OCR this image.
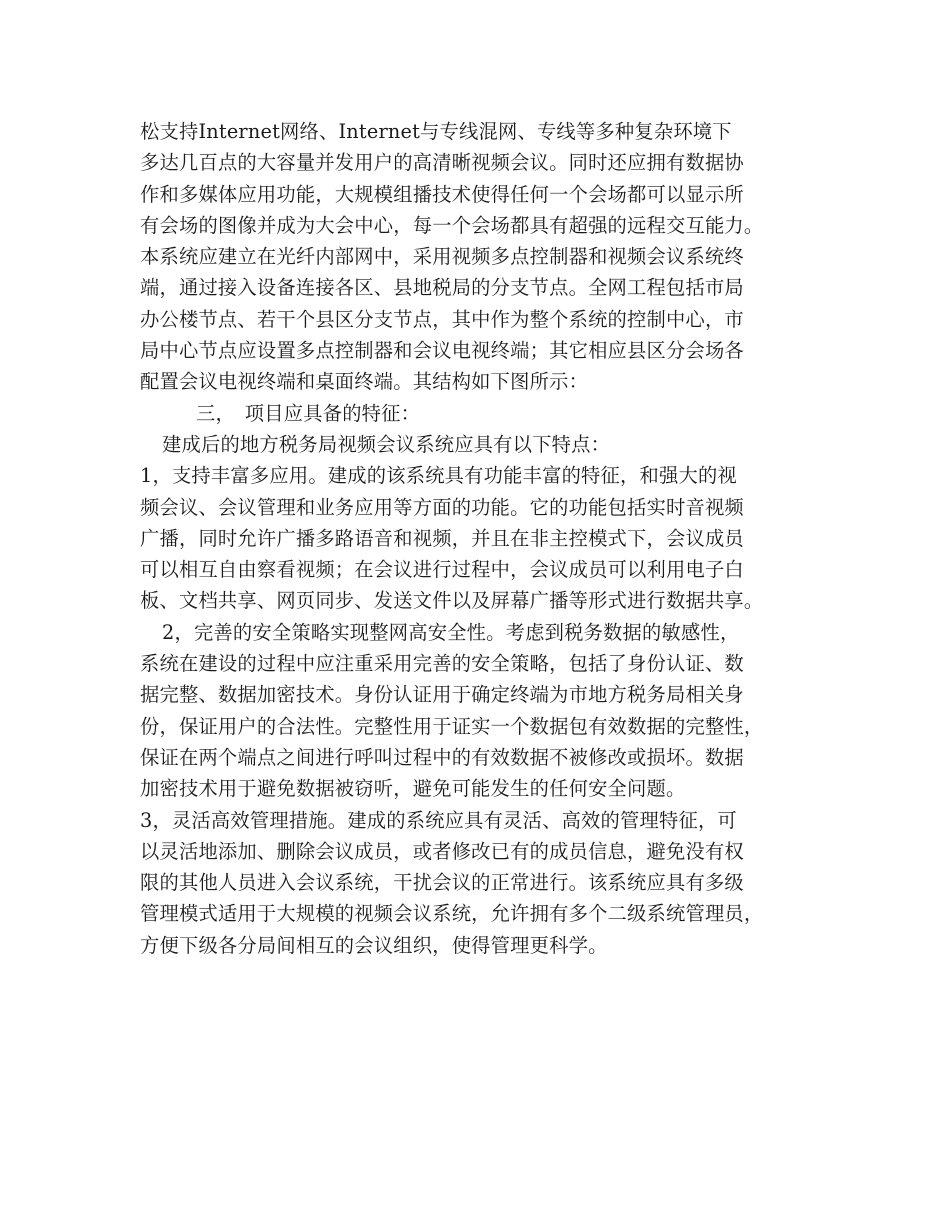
松支持Internet网络、Internet与专线混网、专线等多种复杂环境下
多达几百点的大容量并发用户的高清晰视频会议。同时还应拥有数据协
作和多媒体应用功能，大规模组播技术使得任何一个会场都可以显示所
有会场的图像并成为大会中心，每一个会场都具有超强的远程交互能力。
本系统应建立在光纤内部网中，采用视频多点控制器和视频会议系统终
端，通过接入设备连接各区、县地税局的分支节点。全网工程包括市局
办公楼节点、若干个县区分支节点，其中作为整个系统的控制中心，市
局中心节点应设置多点控制器和会议电视终端；其它相应县区分会场各
配置会议电视终端和桌面终端。其结构如下图所示：
三，　项目应具备的特征：
建成后的地方税务局视频会议系统应具有以下特点：
1，支持丰富多应用。建成的该系统具有功能丰富的特征，和强大的视
频会议、会议管理和业务应用等方面的功能。它的功能包括实时音视频
广播，同时允许广播多路语音和视频，并且在非主控模式下，会议成员
可以相互自由察看视频；在会议进行过程中，会议成员可以利用电子白
板、文档共享、网页同步、发送文件以及屏幕广播等形式进行数据共享。
2，完善的安全策略实现整网高安全性。考虑到税务数据的敏感性，
系统在建设的过程中应注重采用完善的安全策略，包括了身份认证、数
据完整、数据加密技术。身份认证用于确定终端为市地方税务局相关身
份，保证用户的合法性。完整性用于证实一个数据包有效数据的完整性，
保证在两个端点之间进行呼叫过程中的有效数据不被修改或损坏。数据
加密技术用于避免数据被窃听，避免可能发生的任何安全问题。
3，灵活高效管理措施。建成的系统应具有灵活、高效的管理特征，可
以灵活地添加、删除会议成员，或者修改已有的成员信息，避免没有权
限的其他人员进入会议系统，干扰会议的正常进行。该系统应具有多级
管理模式适用于大规模的视频会议系统，允许拥有多个二级系统管理员，
方便下级各分局间相互的会议组织，使得管理更科学。
